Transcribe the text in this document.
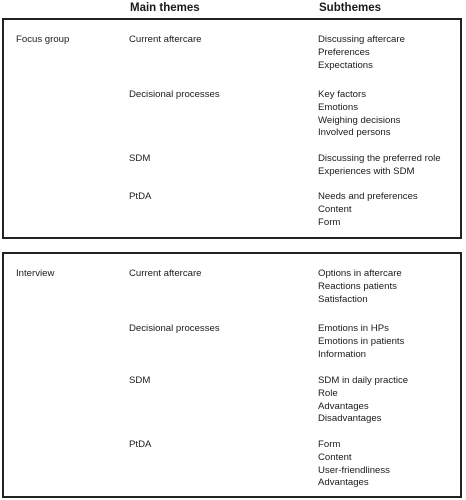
Main themes	Subthemes
Focus group	Current aftercare	Discussing aftercare
Preferences
Expectations
Decisional processes	Key factors
Emotions
Weighing decisions
Involved persons
SDM	Discussing the preferred role
Experiences with SDM
PtDA	Needs and preferences
Content
Form
Interview	Current aftercare	Options in aftercare
Reactions patients
Satisfaction
Decisional processes	Emotions in HPs
Emotions in patients
Information
SDM	SDM in daily practice
Role
Advantages
Disadvantages
PtDA	Form
Content
User-friendliness
Advantages
